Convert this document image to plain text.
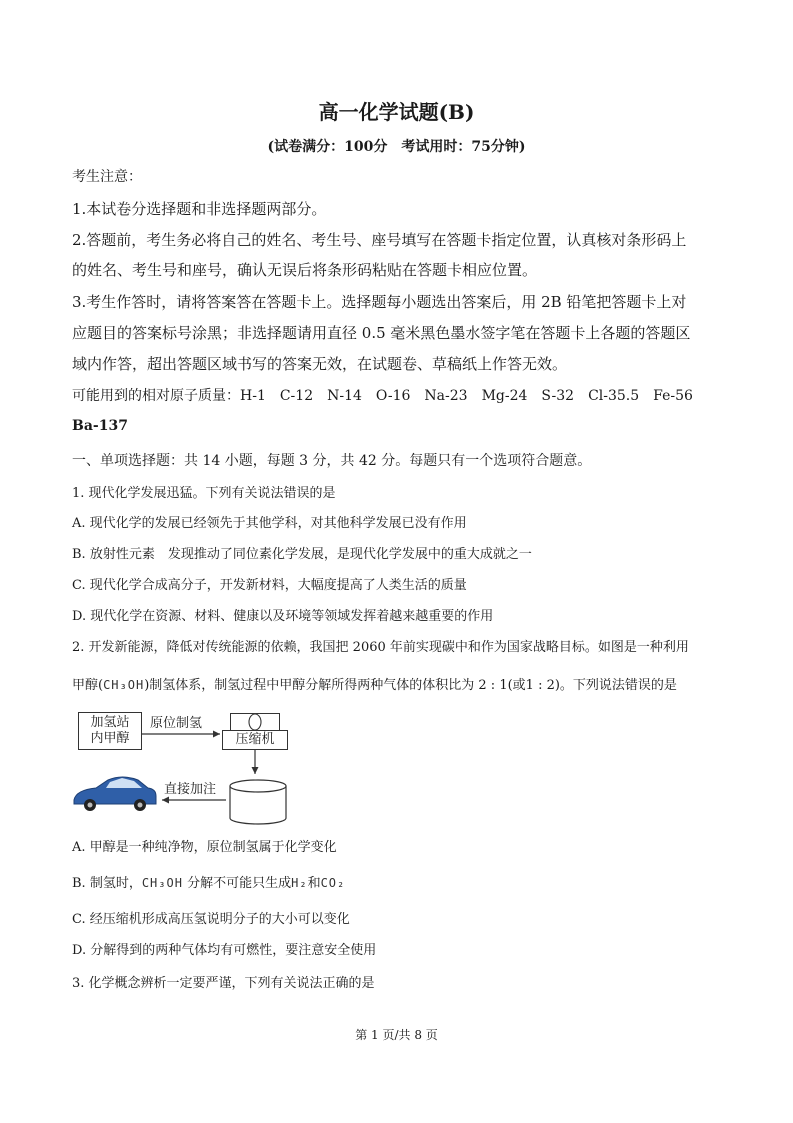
高一化学试题(B)
(试卷满分：100分　考试用时：75分钟)
考生注意：
1.本试卷分选择题和非选择题两部分。
2.答题前，考生务必将自己的姓名、考生号、座号填写在答题卡指定位置，认真核对条形码上
的姓名、考生号和座号，确认无误后将条形码粘贴在答题卡相应位置。
3.考生作答时，请将答案答在答题卡上。选择题每小题选出答案后，用 2B 铅笔把答题卡上对
应题目的答案标号涂黑；非选择题请用直径 0.5 毫米黑色墨水签字笔在答题卡上各题的答题区
域内作答，超出答题区域书写的答案无效，在试题卷、草稿纸上作答无效。
可能用到的相对原子质量：H-1　C-12　N-14　O-16　Na-23　Mg-24　S-32　Cl-35.5　Fe-56
Ba-137
一、单项选择题：共 14 小题，每题 3 分，共 42 分。每题只有一个选项符合题意。
1. 现代化学发展迅猛。下列有关说法错误的是
A. 现代化学的发展已经领先于其他学科，对其他科学发展已没有作用
B. 放射性元素　发现推动了同位素化学发展，是现代化学发展中的重大成就之一
C. 现代化学合成高分子，开发新材料，大幅度提高了人类生活的质量
D. 现代化学在资源、材料、健康以及环境等领域发挥着越来越重要的作用
2. 开发新能源，降低对传统能源的依赖，我国把 2060 年前实现碳中和作为国家战略目标。如图是一种利用
甲醇(CH₃OH)制氢体系，制氢过程中甲醇分解所得两种气体的体积比为 2 : 1(或1 : 2)。下列说法错误的是
加氢站
内甲醇
原位制氢
压缩机
直接加注
A. 甲醇是一种纯净物，原位制氢属于化学变化
B. 制氢时，CH₃OH 分解不可能只生成H₂和CO₂
C. 经压缩机形成高压氢说明分子的大小可以变化
D. 分解得到的两种气体均有可燃性，要注意安全使用
3. 化学概念辨析一定要严谨，下列有关说法正确的是
第 1 页/共 8 页
